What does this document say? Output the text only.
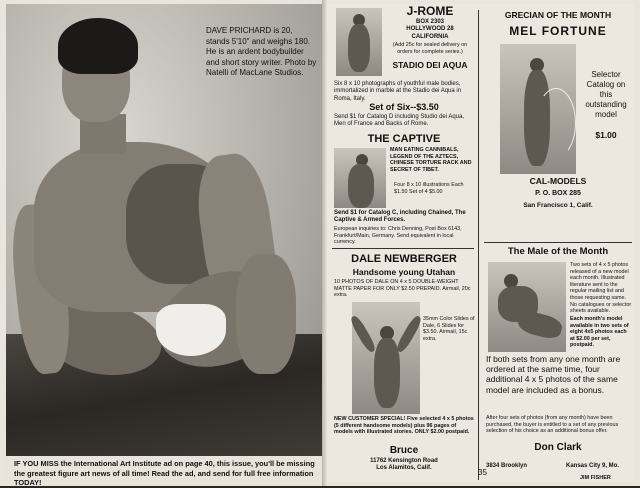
DAVE PRICHARD is 20, stands 5'10" and weighs 180. He is an ardent bodybuilder and short story writer. Photo by Natelli of MacLane Studios.
IF YOU MISS the International Art Institute ad on page 40, this issue, you'll be missing the greatest figure art news of all time! Read the ad, and send for full free information TODAY!
J-ROME
BOX 2303
HOLLYWOOD 28
CALIFORNIA
(Add 25c for sealed delivery on orders for complete series.)
STADIO DEI AQUA
Six 8 x 10 photographs of youthful male bodies, immortalized in marble at the Stadio dei Aqua in Roma, Italy.
Set of Six--$3.50
Send $1 for Catalog D including Studio dei Aqua, Men of France and Backs of Rome.
THE CAPTIVE
MAN EATING CANNIBALS, LEGEND OF THE AZTECS, CHINESE TORTURE RACK AND SECRET OF TIBET.
Four 8 x 10 illustrations Each $1.50 Set of 4 $5.00
Send $1 for Catalog C, including Chained, The Captive & Armed Forces.
European inquiries to: Chris Denning, Post Box 6143, Frankfurt/Main, Germany. Send equivalent in local currency.
DALE NEWBERGER
Handsome young Utahan
10 PHOTOS OF DALE ON 4 x 5 DOUBLE-WEIGHT MATTE PAPER FOR ONLY $2.50 PREPAID. Airmail, 20c extra.
35mm Color Slides of Dale, 6 Slides for $3.50. Airmail, 15c extra.
NEW CUSTOMER SPECIAL! Five selected 4 x 5 photos (5 different handsome models) plus 96 pages of models with illustrated stories. ONLY $2.00 postpaid.
Bruce
11762 Kensington Road
Los Alamitos, Calif.
GRECIAN OF THE MONTH
MEL FORTUNE
Selector Catalog on this outstanding model
$1.00
CAL-MODELS
P. O. BOX 285
San Francisco 1, Calif.
The Male of the Month
Two sets of 4 x 5 photos released of a new model each month. Illustrated literature sent to the regular mailing list and those requesting same. No catalogues or selector sheets available.
Each month's model available in two sets of eight 4x5 photos each at $2.00 per set, postpaid.
If both sets from any one month are ordered at the same time, four additional 4 x 5 photos of the same model are included as a bonus.
After four sets of photos (from any month) have been purchased, the buyer is entitled to a set of any previous selection of his choice as an additional bonus offer.
Don Clark
3834 Brooklyn	Kansas City 9, Mo.
JIM FISHER
35
